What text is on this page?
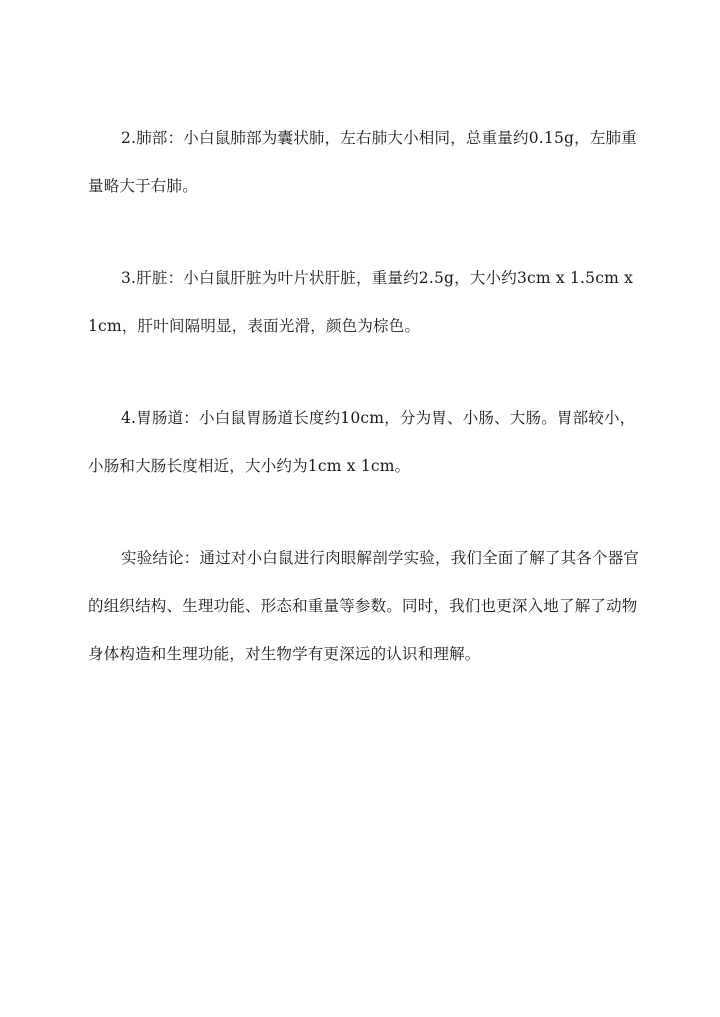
2.肺部：小白鼠肺部为囊状肺，左右肺大小相同，总重量约0.15g，左肺重量略大于右肺。

3.肝脏：小白鼠肝脏为叶片状肝脏，重量约2.5g，大小约3cm x 1.5cm x 1cm，肝叶间隔明显，表面光滑，颜色为棕色。

4.胃肠道：小白鼠胃肠道长度约10cm，分为胃、小肠、大肠。胃部较小，小肠和大肠长度相近，大小约为1cm x 1cm。

实验结论：通过对小白鼠进行肉眼解剖学实验，我们全面了解了其各个器官的组织结构、生理功能、形态和重量等参数。同时，我们也更深入地了解了动物身体构造和生理功能，对生物学有更深远的认识和理解。
